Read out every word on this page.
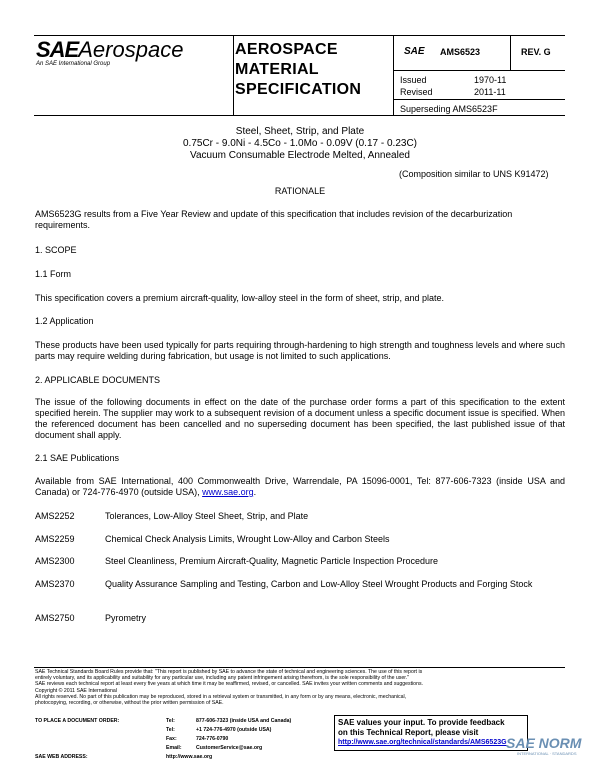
SAEAerospace
An SAE International Group
AEROSPACE
MATERIAL
SPECIFICATION
SAE AMS6523	REV. G
Issued	1970-11
Revised	2011-11
Superseding AMS6523F
Steel, Sheet, Strip, and Plate
0.75Cr - 9.0Ni - 4.5Co - 1.0Mo - 0.09V (0.17 - 0.23C)
Vacuum Consumable Electrode Melted, Annealed
(Composition similar to UNS K91472)
RATIONALE
AMS6523G results from a Five Year Review and update of this specification that includes revision of the decarburization requirements.
1. SCOPE
1.1 Form
This specification covers a premium aircraft-quality, low-alloy steel in the form of sheet, strip, and plate.
1.2 Application
These products have been used typically for parts requiring through-hardening to high strength and toughness levels and where such parts may require welding during fabrication, but usage is not limited to such applications.
2. APPLICABLE DOCUMENTS
The issue of the following documents in effect on the date of the purchase order forms a part of this specification to the extent specified herein. The supplier may work to a subsequent revision of a document unless a specific document issue is specified. When the referenced document has been cancelled and no superseding document has been specified, the last published issue of that document shall apply.
2.1 SAE Publications
Available from SAE International, 400 Commonwealth Drive, Warrendale, PA 15096-0001, Tel: 877-606-7323 (inside USA and Canada) or 724-776-4970 (outside USA), www.sae.org.
AMS2252	Tolerances, Low-Alloy Steel Sheet, Strip, and Plate
AMS2259	Chemical Check Analysis Limits, Wrought Low-Alloy and Carbon Steels
AMS2300	Steel Cleanliness, Premium Aircraft-Quality, Magnetic Particle Inspection Procedure
AMS2370	Quality Assurance Sampling and Testing, Carbon and Low-Alloy Steel Wrought Products and Forging Stock
AMS2750	Pyrometry
SAE Technical Standards Board Rules provide that: "This report is published by SAE to advance the state of technical and engineering sciences. The use of this report is
entirely voluntary, and its applicability and suitability for any particular use, including any patent infringement arising therefrom, is the sole responsibility of the user."
SAE reviews each technical report at least every five years at which time it may be reaffirmed, revised, or cancelled. SAE invites your written comments and suggestions.
Copyright © 2011 SAE International
All rights reserved. No part of this publication may be reproduced, stored in a retrieval system or transmitted, in any form or by any means, electronic, mechanical,
photocopying, recording, or otherwise, without the prior written permission of SAE.
TO PLACE A DOCUMENT ORDER:	Tel:	877-606-7323 (inside USA and Canada)
Tel:	+1 724-776-4970 (outside USA)
Fax:	724-776-0790
Email:	CustomerService@sae.org
SAE WEB ADDRESS:	http://www.sae.org
SAE values your input. To provide feedback
on this Technical Report, please visit
http://www.sae.org/technical/standards/AMS6523G SAE NORM
INTERNATIONAL · STANDARDS
